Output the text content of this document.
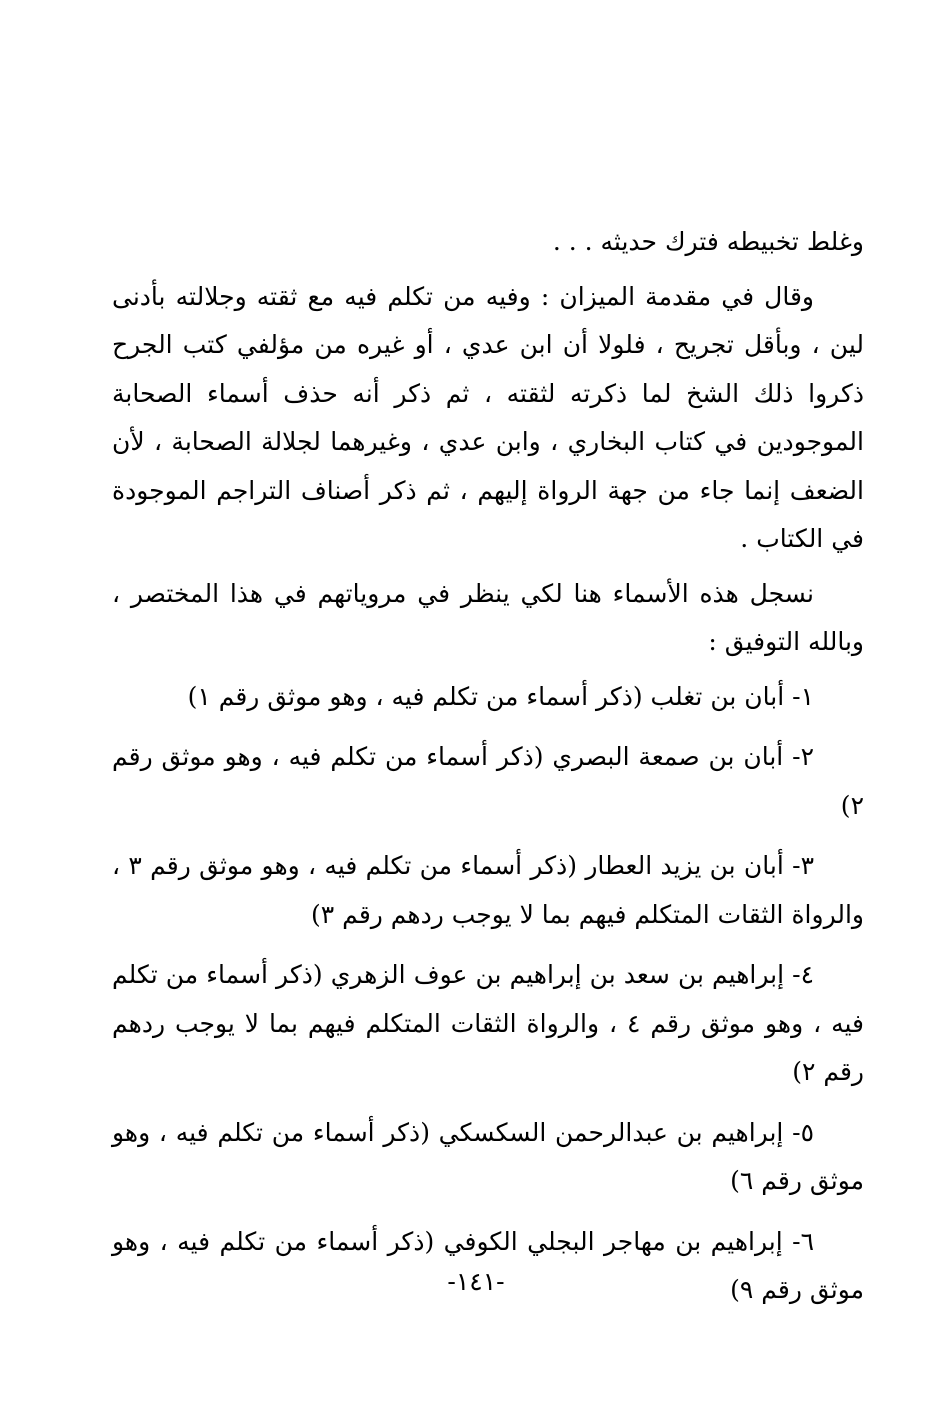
وغلط تخبيطه فترك حديثه . . .

وقال في مقدمة الميزان : وفيه من تكلم فيه مع ثقته وجلالته بأدنى لين ، وبأقل تجريح ، فلولا أن ابن عدي ، أو غيره من مؤلفي كتب الجرح ذكروا ذلك الشخ لما ذكرته لثقته ، ثم ذكر أنه حذف أسماء الصحابة الموجودين في كتاب البخاري ، وابن عدي ، وغيرهما لجلالة الصحابة ، لأن الضعف إنما جاء من جهة الرواة إليهم ، ثم ذكر أصناف التراجم الموجودة في الكتاب .

نسجل هذه الأسماء هنا لكي ينظر في مروياتهم في هذا المختصر ، وبالله التوفيق :

١- أبان بن تغلب (ذكر أسماء من تكلم فيه ، وهو موثق رقم ١)

٢- أبان بن صمعة البصري (ذكر أسماء من تكلم فيه ، وهو موثق رقم ٢)

٣- أبان بن يزيد العطار (ذكر أسماء من تكلم فيه ، وهو موثق رقم ٣ ، والرواة الثقات المتكلم فيهم بما لا يوجب ردهم رقم ٣)

٤- إبراهيم بن سعد بن إبراهيم بن عوف الزهري (ذكر أسماء من تكلم فيه ، وهو موثق رقم ٤ ، والرواة الثقات المتكلم فيهم بما لا يوجب ردهم رقم ٢)

٥- إبراهيم بن عبدالرحمن السكسكي (ذكر أسماء من تكلم فيه ، وهو موثق رقم ٦)

٦- إبراهيم بن مهاجر البجلي الكوفي (ذكر أسماء من تكلم فيه ، وهو موثق رقم ٩)

-١٤١-
